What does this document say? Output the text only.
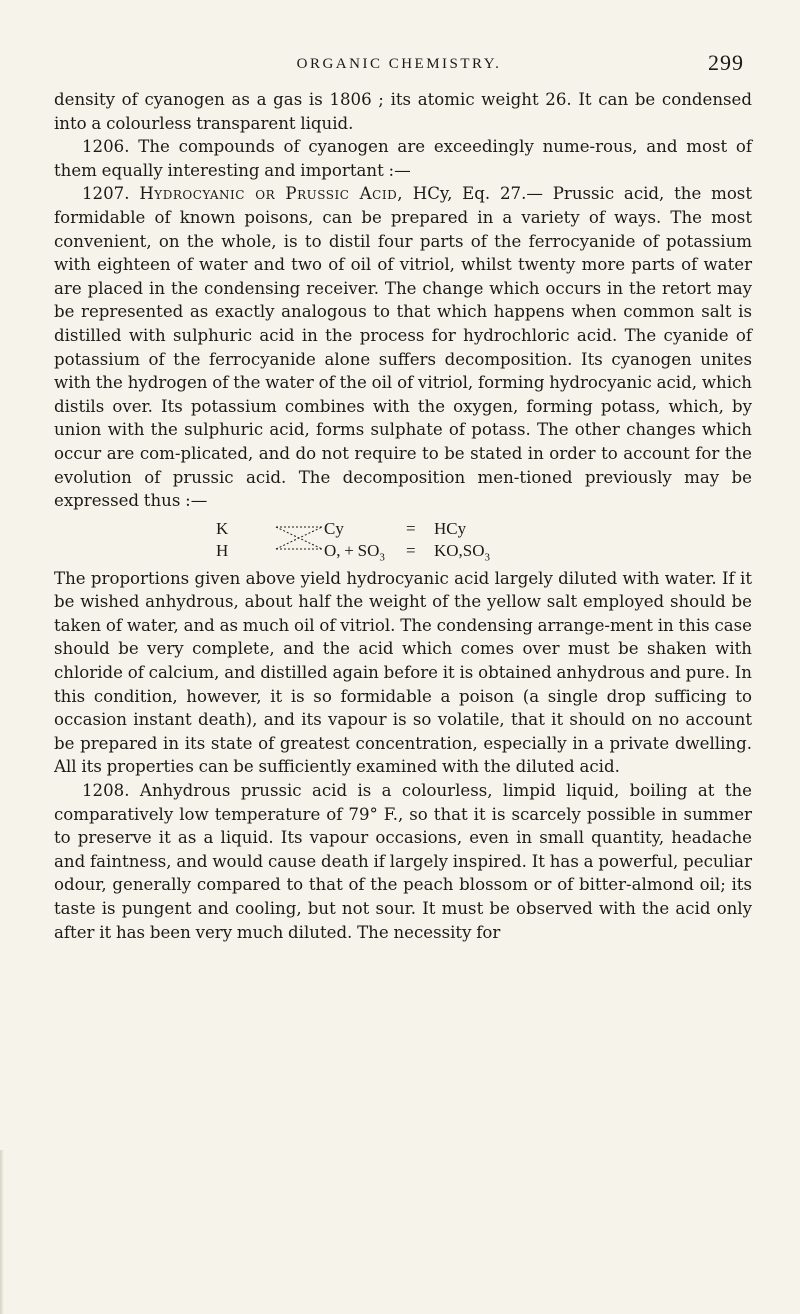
ORGANIC CHEMISTRY.	299

density of cyanogen as a gas is 1806 ; its atomic weight 26. It can be condensed into a colourless transparent liquid.

1206. The compounds of cyanogen are exceedingly nume-rous, and most of them equally interesting and important :—

1207. Hydrocyanic or Prussic Acid, HCy, Eq. 27.— Prussic acid, the most formidable of known poisons, can be prepared in a variety of ways. The most convenient, on the whole, is to distil four parts of the ferrocyanide of potassium with eighteen of water and two of oil of vitriol, whilst twenty more parts of water are placed in the condensing receiver. The change which occurs in the retort may be represented as exactly analogous to that which happens when common salt is distilled with sulphuric acid in the process for hydrochloric acid. The cyanide of potassium of the ferrocyanide alone suffers decomposition. Its cyanogen unites with the hydrogen of the water of the oil of vitriol, forming hydrocyanic acid, which distils over. Its potassium combines with the oxygen, forming potass, which, by union with the sulphuric acid, forms sulphate of potass. The other changes which occur are com-plicated, and do not require to be stated in order to account for the evolution of prussic acid. The decomposition men-tioned previously may be expressed thus :—

K	Cy	= HCy
H	O, + $SO_3 = KO,SO_3$

The proportions given above yield hydrocyanic acid largely diluted with water. If it be wished anhydrous, about half the weight of the yellow salt employed should be taken of water, and as much oil of vitriol. The condensing arrange-ment in this case should be very complete, and the acid which comes over must be shaken with chloride of calcium, and distilled again before it is obtained anhydrous and pure. In this condition, however, it is so formidable a poison (a single drop sufficing to occasion instant death), and its vapour is so volatile, that it should on no account be prepared in its state of greatest concentration, especially in a private dwelling. All its properties can be sufficiently examined with the diluted acid.

1208. Anhydrous prussic acid is a colourless, limpid liquid, boiling at the comparatively low temperature of 79° F., so that it is scarcely possible in summer to preserve it as a liquid. Its vapour occasions, even in small quantity, headache and faintness, and would cause death if largely inspired. It has a powerful, peculiar odour, generally compared to that of the peach blossom or of bitter-almond oil; its taste is pungent and cooling, but not sour. It must be observed with the acid only after it has been very much diluted. The necessity for
